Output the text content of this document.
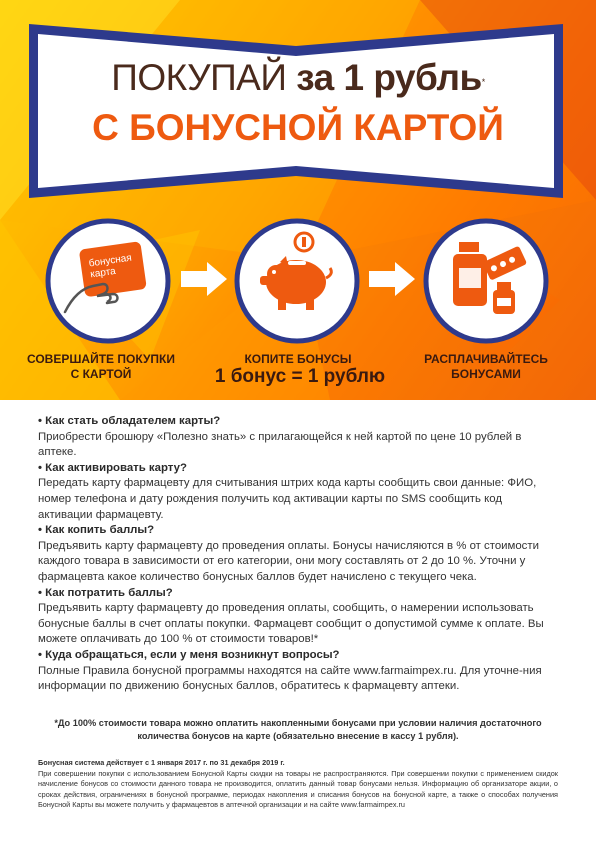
ПОКУПАЙ за 1 рубль*
С БОНУСНОЙ КАРТОЙ
бонусная
карта
СОВЕРШАЙТЕ ПОКУПКИ
С КАРТОЙ
КОПИТЕ БОНУСЫ
1 бонус = 1 рублю
РАСПЛАЧИВАЙТЕСЬ
БОНУСАМИ

• Как стать обладателем карты?

Приобрести брошюру «Полезно знать» с прилагающейся к ней картой по цене 10 рублей в аптеке.

• Как активировать карту?

Передать карту фармацевту для считывания штрих кода карты сообщить свои данные: ФИО, номер телефона и дату рождения получить код активации карты по SMS сообщить код активации фармацевту.

• Как копить баллы?

Предъявить карту фармацевту до проведения оплаты. Бонусы начисляются в % от стоимости каждого товара в зависимости от его категории, они могу составлять от 2 до 10 %. Уточни у фармацевта какое количество бонусных баллов будет начислено с текущего чека.

• Как потратить баллы?

Предъявить карту фармацевту до проведения оплаты, сообщить, о намерении использовать бонусные баллы в счет оплаты покупки. Фармацевт сообщит о допустимой сумме к оплате. Вы можете оплачивать до 100 % от стоимости товаров!*

• Куда обращаться, если у меня возникнут вопросы?

Полные Правила бонусной программы находятся на сайте www.farmaimpex.ru. Для уточне-ния информации по движению бонусных баллов, обратитесь к фармацевту аптеки.

*До 100% стоимости товара можно оплатить накопленными бонусами при условии наличия достаточного количества бонусов на карте (обязательно внесение в кассу 1 рубля).
Бонусная система действует с 1 января 2017 г. по 31 декабря 2019 г.
При совершении покупки с использованием Бонусной Карты скидки на товары не распространяются. При совершении покупки с применением скидок начисление бонусов со стоимости данного товара не производится, оплатить данный товар бонусами нельзя. Информацию об организаторе акции, о сроках действия, ограничениях в бонусной программе, периодах накопления и списания бонусов на бонусной карте, а также о способах получения Бонусной Карты вы можете получить у фармацевтов в аптечной организации и на сайте www.farmaimpex.ru
